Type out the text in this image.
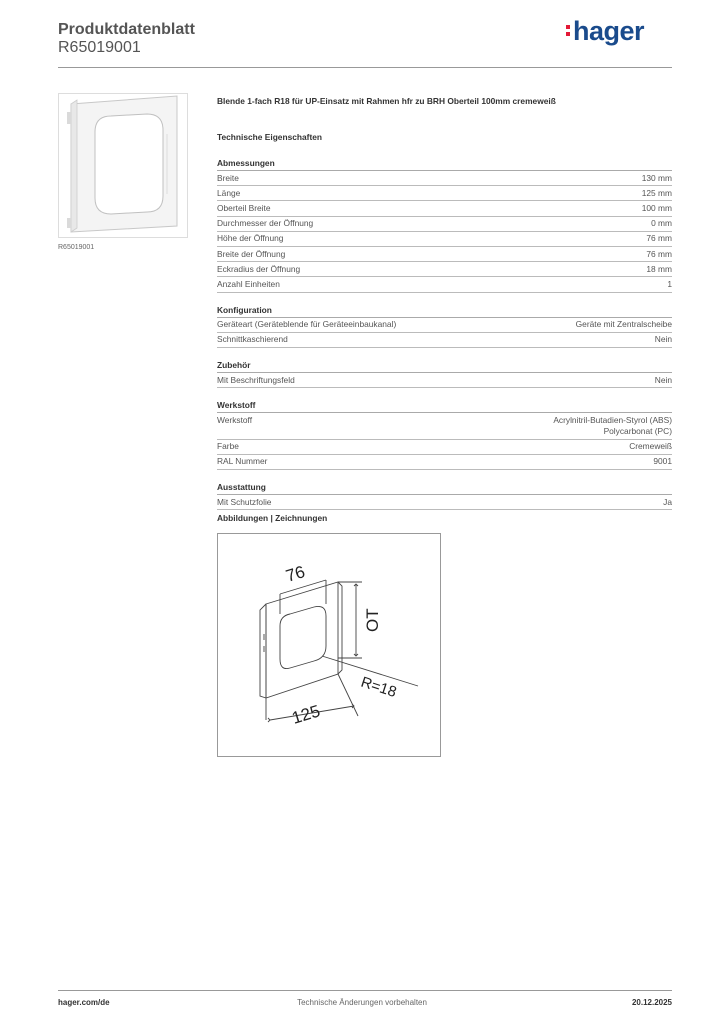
Produktdatenblatt
R65019001
hager
R65019001
Blende 1-fach R18 für UP-Einsatz mit Rahmen hfr zu BRH Oberteil 100mm cremeweiß
Technische Eigenschaften
Abmessungen
Breite	130 mm
Länge	125 mm
Oberteil Breite	100 mm
Durchmesser der Öffnung	0 mm
Höhe der Öffnung	76 mm
Breite der Öffnung	76 mm
Eckradius der Öffnung	18 mm
Anzahl Einheiten	1
Konfiguration
Geräteart (Geräteblende für Geräteeinbaukanal)	Geräte mit Zentralscheibe
Schnittkaschierend	Nein
Zubehör
Mit Beschriftungsfeld	Nein
Werkstoff
Werkstoff	Acrylnitril-Butadien-Styrol (ABS)
Polycarbonat (PC)
Farbe	Cremeweiß
RAL Nummer	9001
Ausstattung
Mit Schutzfolie	Ja
Abbildungen | Zeichnungen
76
OT
R=18
125
hager.com/de	Technische Änderungen vorbehalten	20.12.2025
